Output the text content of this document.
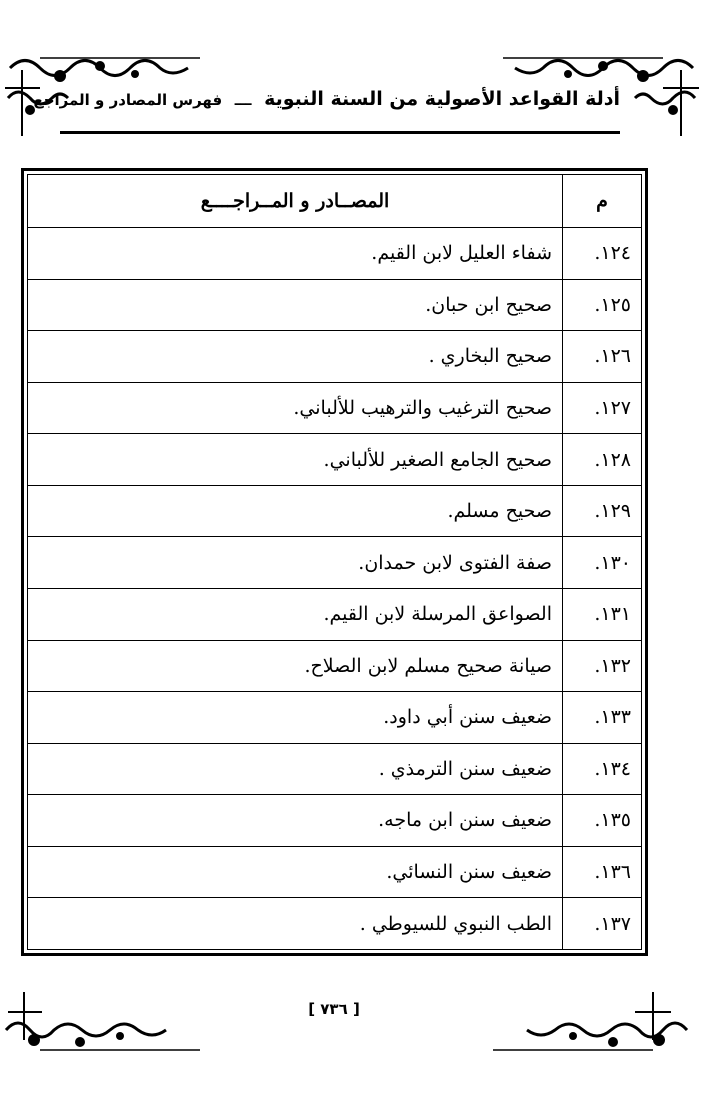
أدلة القواعد الأصولية من السنة النبوية ـــ فهرس المصادر و المراجع
م	المصــادر و المــراجــــع
١٢٤.	شفاء العليل لابن القيم.
١٢٥.	صحيح ابن حبان.
١٢٦.	صحيح البخاري .
١٢٧.	صحيح الترغيب والترهيب للألباني.
١٢٨.	صحيح الجامع الصغير للألباني.
١٢٩.	صحيح مسلم.
١٣٠.	صفة الفتوى لابن حمدان.
١٣١.	الصواعق المرسلة لابن القيم.
١٣٢.	صيانة صحيح مسلم لابن الصلاح.
١٣٣.	ضعيف سنن أبي داود.
١٣٤.	ضعيف سنن الترمذي .
١٣٥.	ضعيف سنن ابن ماجه.
١٣٦.	ضعيف سنن النسائي.
١٣٧.	الطب النبوي للسيوطي .
[ ٧٣٦ ]
